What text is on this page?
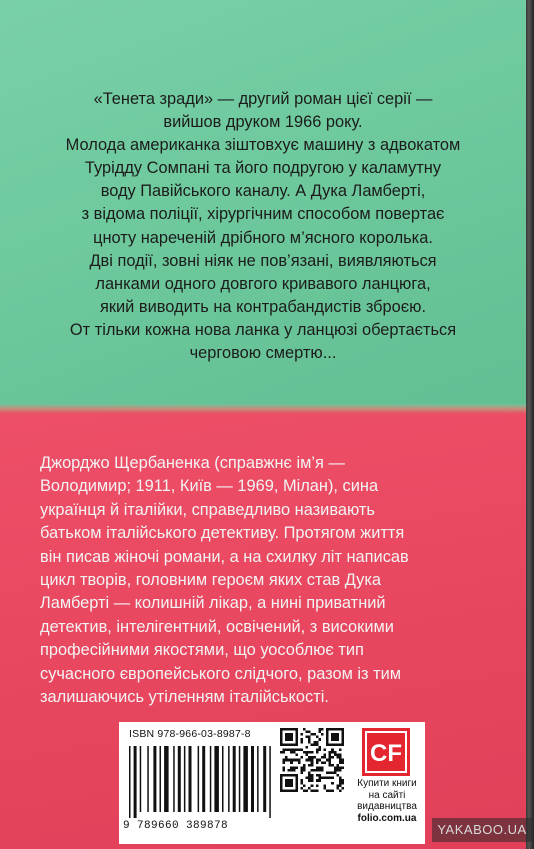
«Тенета зради» — другий роман цієї серії —

вийшов друком 1966 року.

Молода американка зіштовхує машину з адвокатом

Турідду Сомпані та його подругою у каламутну

воду Павійського каналу. А Дука Ламберті,

з відома поліції, хірургічним способом повертає

цноту нареченій дрібного м’ясного королька.

Дві події, зовні ніяк не пов’язані, виявляються

ланками одного довгого кривавого ланцюга,

який виводить на контрабандистів зброєю.

От тільки кожна нова ланка у ланцюзі обертається

черговою смертю...

Джорджо Щербаненка (справжнє ім’я —

Володимир; 1911, Київ — 1969, Мілан), сина

українця й італійки, справедливо називають

батьком італійського детективу. Протягом життя

він писав жіночі романи, а на схилку літ написав

цикл творів, головним героєм яких став Дука

Ламберті — колишній лікар, а нині приватний

детектив, інтелігентний, освічений, з високими

професійними якостями, що уособлює тип

сучасного європейського слідчого, разом із тим

залишаючись утіленням італійськості.

ISBN 978-966-03-8987-8
9 789660 389878
CF

Купити книги

на сайті

видавництва

folio.com.ua

YAKABOO.UA
